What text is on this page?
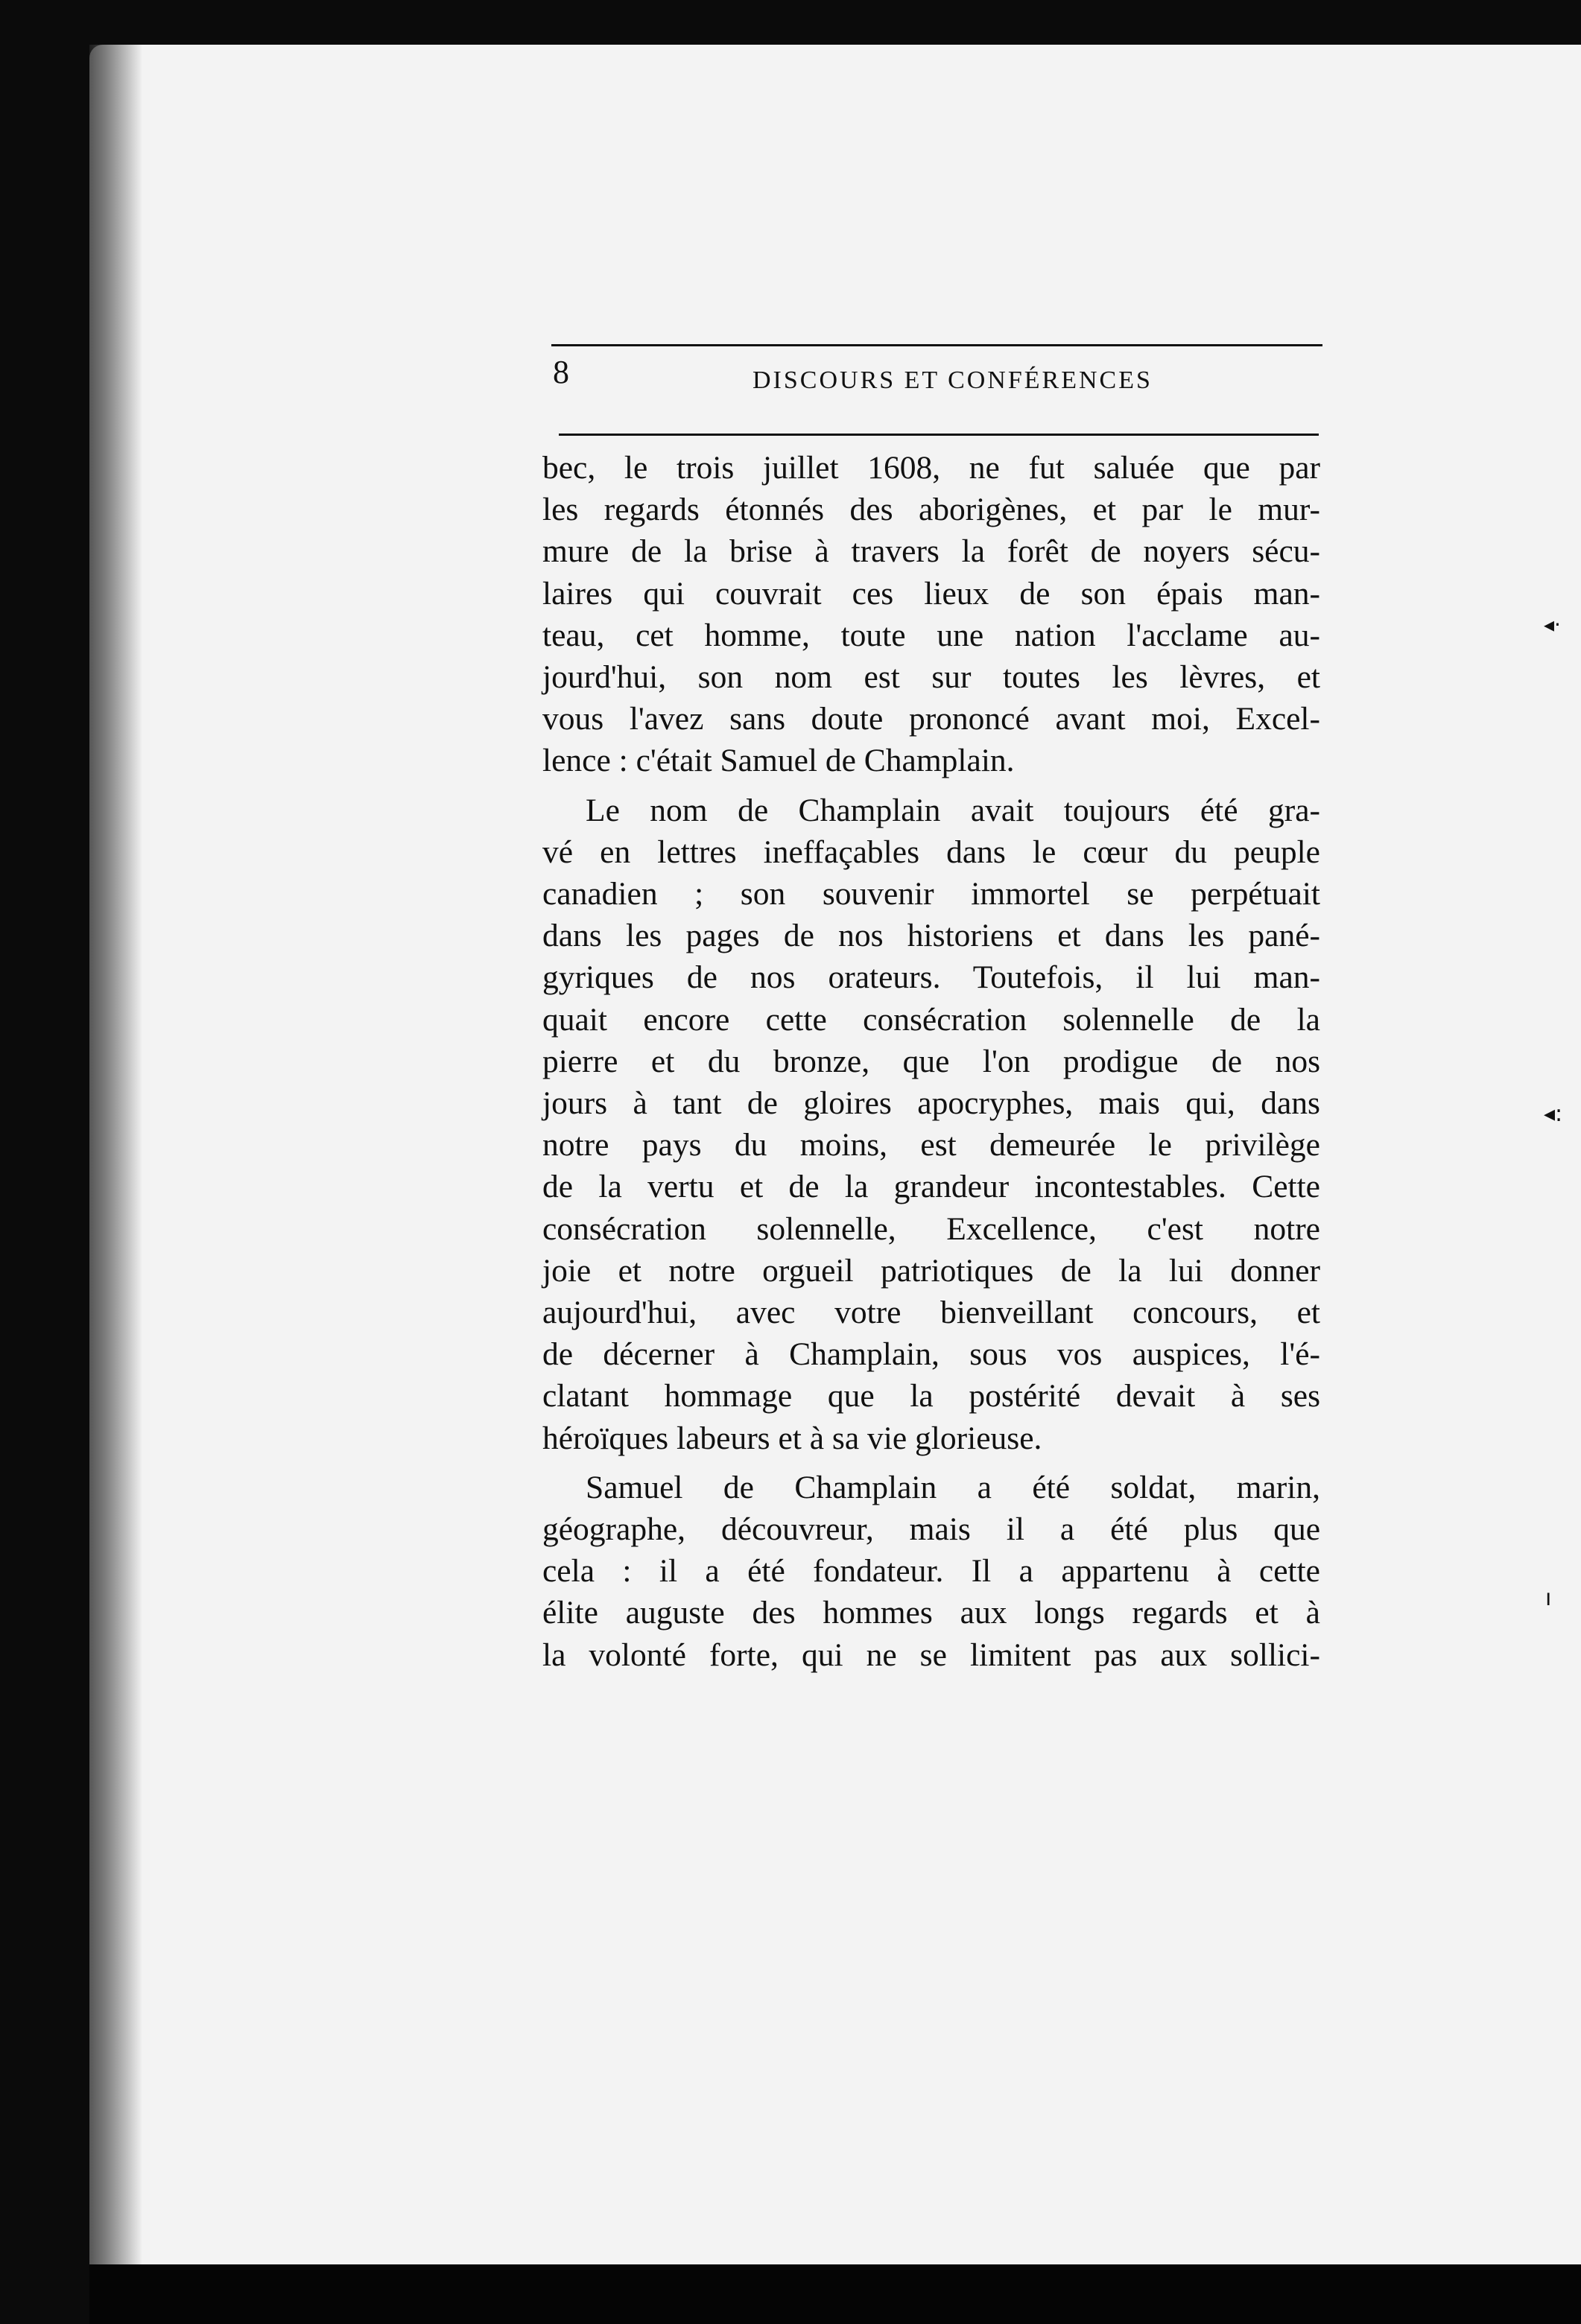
8	DISCOURS ET CONFÉRENCES
bec, le trois juillet 1608, ne fut saluée que par
les regards étonnés des aborigènes, et par le mur-
mure de la brise à travers la forêt de noyers sécu-
laires qui couvrait ces lieux de son épais man-
teau, cet homme, toute une nation l'acclame au-
jourd'hui, son nom est sur toutes les lèvres, et
vous l'avez sans doute prononcé avant moi, Excel-
lence : c'était Samuel de Champlain.
Le nom de Champlain avait toujours été gra-
vé en lettres ineffaçables dans le cœur du peuple
canadien ; son souvenir immortel se perpétuait
dans les pages de nos historiens et dans les pané-
gyriques de nos orateurs. Toutefois, il lui man-
quait encore cette consécration solennelle de la
pierre et du bronze, que l'on prodigue de nos
jours à tant de gloires apocryphes, mais qui, dans
notre pays du moins, est demeurée le privilège
de la vertu et de la grandeur incontestables. Cette
consécration solennelle, Excellence, c'est notre
joie et notre orgueil patriotiques de la lui donner
aujourd'hui, avec votre bienveillant concours, et
de décerner à Champlain, sous vos auspices, l'é-
clatant hommage que la postérité devait à ses
héroïques labeurs et à sa vie glorieuse.
Samuel de Champlain a été soldat, marin,
géographe, découvreur, mais il a été plus que
cela : il a été fondateur. Il a appartenu à cette
élite auguste des hommes aux longs regards et à
la volonté forte, qui ne se limitent pas aux sollici-
◂·
◂:
ı
